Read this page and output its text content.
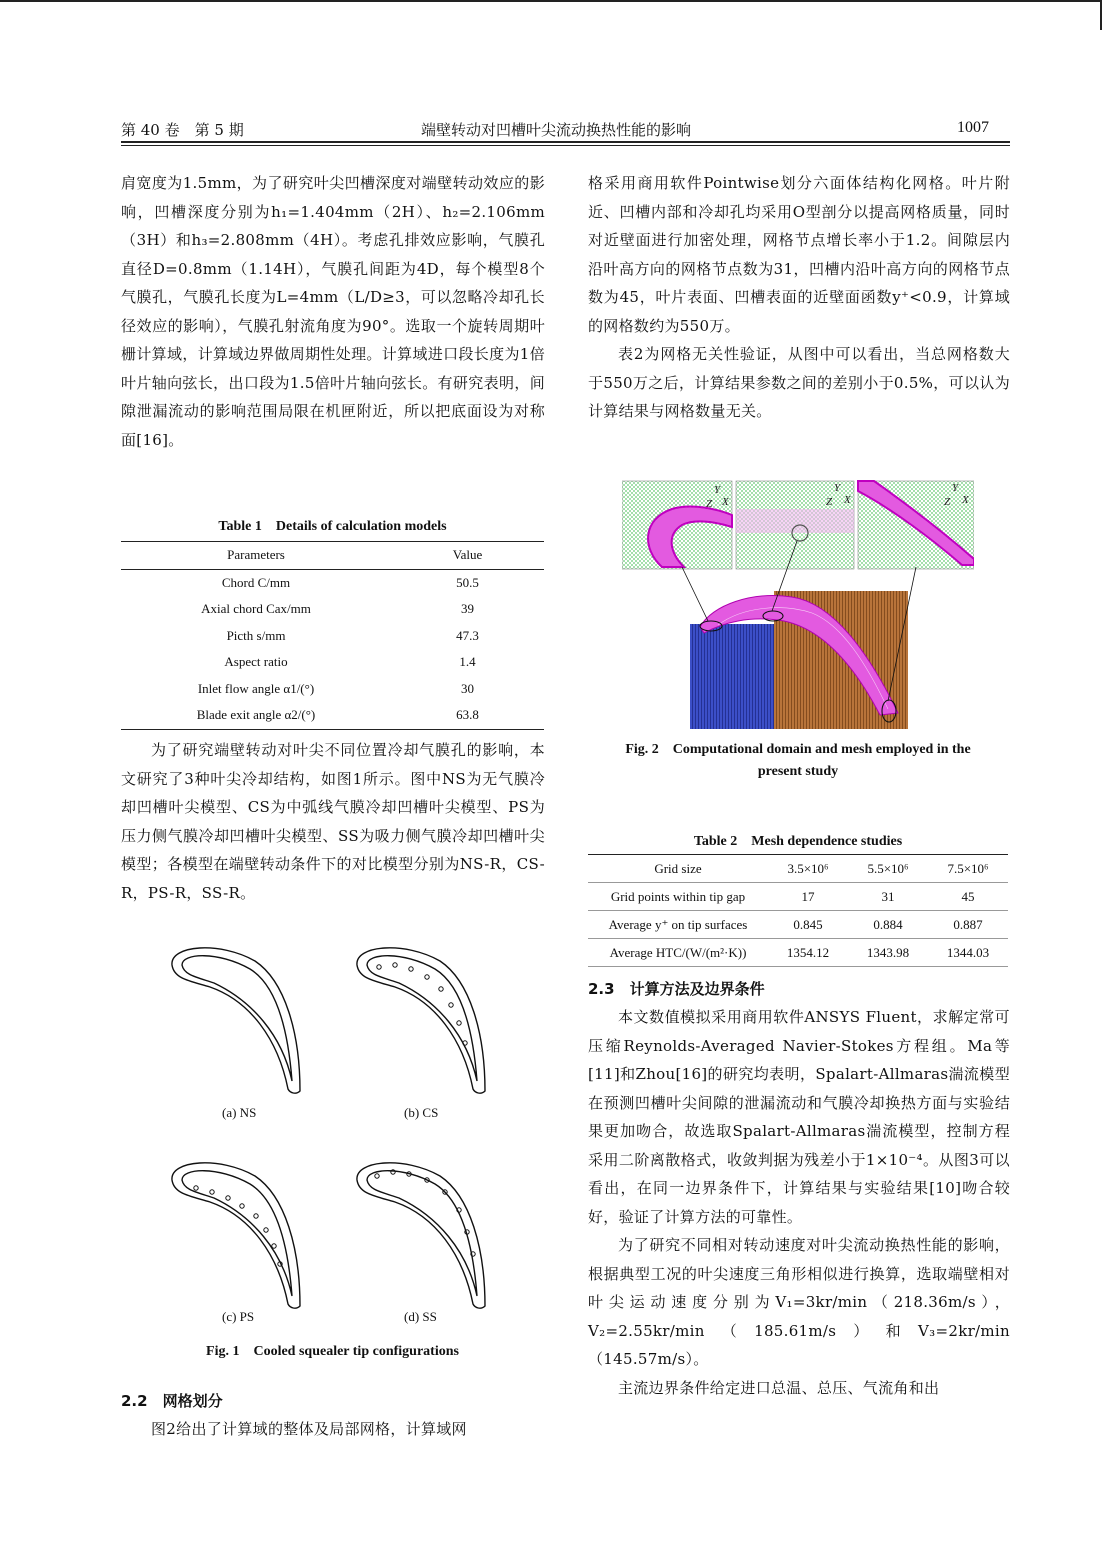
第 40 卷　第 5 期	端壁转动对凹槽叶尖流动换热性能的影响	1007

肩宽度为1.5mm，为了研究叶尖凹槽深度对端壁转动效应的影响，凹槽深度分别为h₁=1.404mm（2H）、h₂=2.106mm（3H）和h₃=2.808mm（4H）。考虑孔排效应影响，气膜孔直径D=0.8mm（1.14H），气膜孔间距为4D，每个模型8个气膜孔，气膜孔长度为L=4mm（L/D≥3，可以忽略冷却孔长径效应的影响），气膜孔射流角度为90°。选取一个旋转周期叶栅计算域，计算域边界做周期性处理。计算域进口段长度为1倍叶片轴向弦长，出口段为1.5倍叶片轴向弦长。有研究表明，间隙泄漏流动的影响范围局限在机匣附近，所以把底面设为对称面[16]。

Table 1　Details of calculation models
Parameters	Value
Chord C/mm	50.5
Axial chord Cax/mm	39
Picth s/mm	47.3
Aspect ratio	1.4
Inlet flow angle α1/(°)	30
Blade exit angle α2/(°)	63.8

为了研究端壁转动对叶尖不同位置冷却气膜孔的影响，本文研究了3种叶尖冷却结构，如图1所示。图中NS为无气膜冷却凹槽叶尖模型、CS为中弧线气膜冷却凹槽叶尖模型、PS为压力侧气膜冷却凹槽叶尖模型、SS为吸力侧气膜冷却凹槽叶尖模型；各模型在端壁转动条件下的对比模型分别为NS-R，CS-R，PS-R，SS-R。

(a) NS	(b) CS
(c) PS	(d) SS
Fig. 1　Cooled squealer tip configurations
2.2　网格划分

图2给出了计算域的整体及局部网格，计算域网

格采用商用软件Pointwise划分六面体结构化网格。叶片附近、凹槽内部和冷却孔均采用O型剖分以提高网格质量，同时对近壁面进行加密处理，网格节点增长率小于1.2。间隙层内沿叶高方向的网格节点数为31，凹槽内沿叶高方向的网格节点数为45，叶片表面、凹槽表面的近壁面函数y⁺<0.9，计算域的网格数约为550万。

表2为网格无关性验证，从图中可以看出，当总网格数大于550万之后，计算结果参数之间的差别小于0.5%，可以认为计算结果与网格数量无关。

Y
Z X
Y
Z X
Y
Z X
Fig. 2　Computational domain and mesh employed in the
present study
Table 2　Mesh dependence studies
Grid size	3.5×10⁶	5.5×10⁶	7.5×10⁶
Grid points within tip gap	17	31	45
Average y⁺ on tip surfaces	0.845	0.884	0.887
Average HTC/(W/(m²·K))	1354.12	1343.98	1344.03
2.3　计算方法及边界条件

本文数值模拟采用商用软件ANSYS Fluent，求解定常可压缩Reynolds-Averaged Navier-Stokes方程组。Ma等[11]和Zhou[16]的研究均表明，Spalart-Allmaras湍流模型在预测凹槽叶尖间隙的泄漏流动和气膜冷却换热方面与实验结果更加吻合，故选取Spalart-Allmaras湍流模型，控制方程采用二阶离散格式，收敛判据为残差小于1×10⁻⁴。从图3可以看出，在同一边界条件下，计算结果与实验结果[10]吻合较好，验证了计算方法的可靠性。

为了研究不同相对转动速度对叶尖流动换热性能的影响，根据典型工况的叶尖速度三角形相似进行换算，选取端壁相对叶尖运动速度分别为V₁=3kr/min（218.36m/s），V₂=2.55kr/min（185.61m/s）和V₃=2kr/min（145.57m/s）。

主流边界条件给定进口总温、总压、气流角和出
